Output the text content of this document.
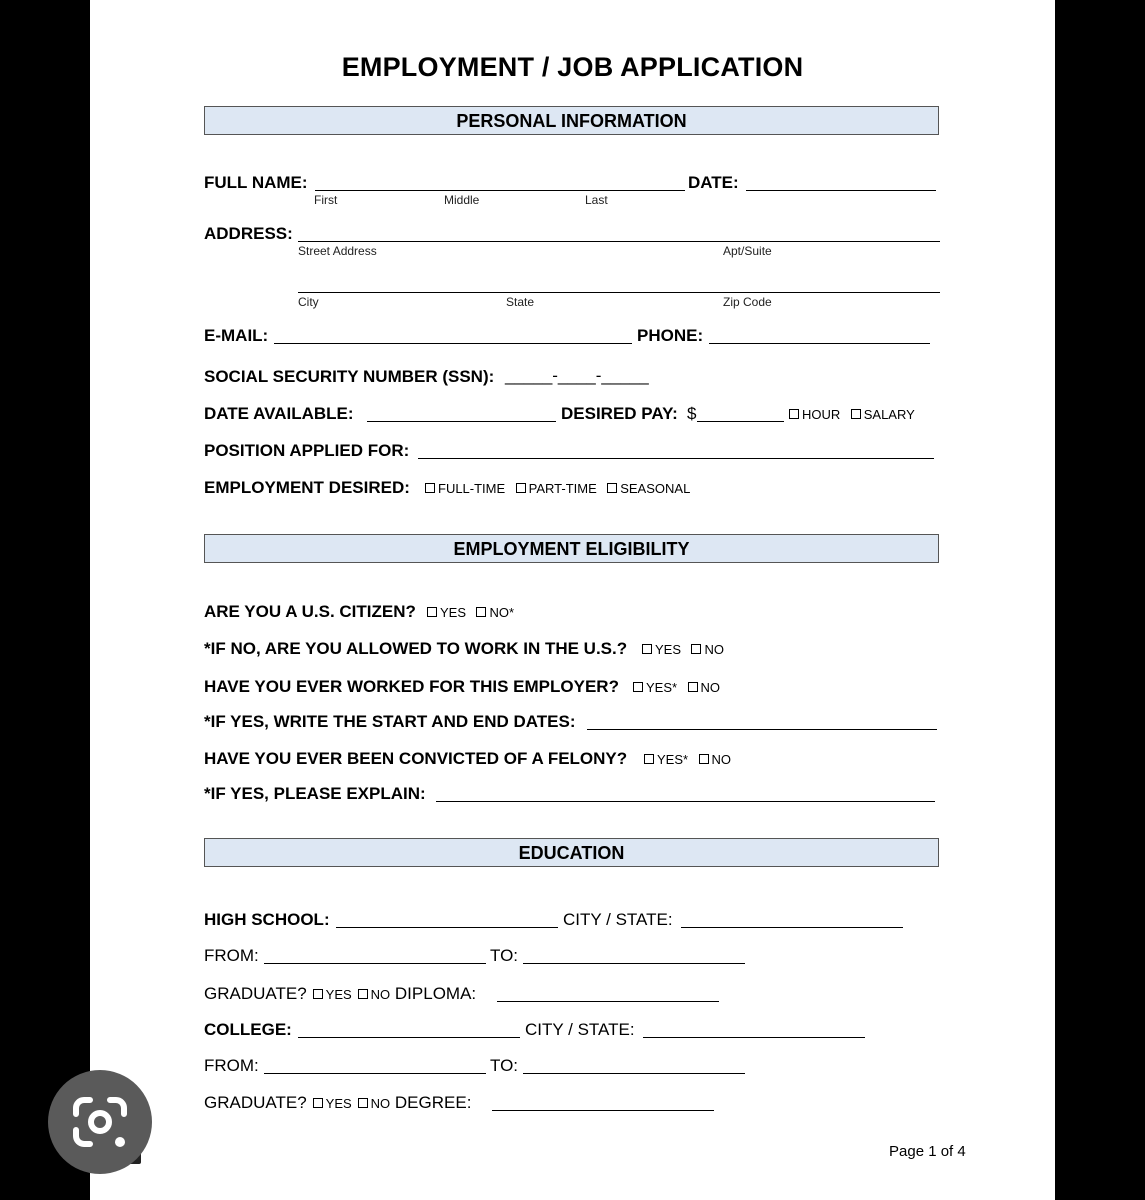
EMPLOYMENT / JOB APPLICATION
PERSONAL INFORMATION
FULL NAME:
First	Middle	Last
DATE:
ADDRESS:
Street Address	Apt/Suite
City	State	Zip Code
E-MAIL:	PHONE:
SOCIAL SECURITY NUMBER (SSN): _____-____-_____
DATE AVAILABLE:	DESIRED PAY: $	HOUR SALARY
POSITION APPLIED FOR:
EMPLOYMENT DESIRED:	FULL-TIME PART-TIME SEASONAL
EMPLOYMENT ELIGIBILITY
ARE YOU A U.S. CITIZEN?	YES NO*
*IF NO, ARE YOU ALLOWED TO WORK IN THE U.S.?	YES NO
HAVE YOU EVER WORKED FOR THIS EMPLOYER?	YES* NO
*IF YES, WRITE THE START AND END DATES:
HAVE YOU EVER BEEN CONVICTED OF A FELONY?	YES* NO
*IF YES, PLEASE EXPLAIN:
EDUCATION
HIGH SCHOOL:	CITY / STATE:
FROM:	TO:
GRADUATE? YES NO DIPLOMA:
COLLEGE:	CITY / STATE:
FROM:	TO:
GRADUATE? YES NO DEGREE:
Page 1 of 4
